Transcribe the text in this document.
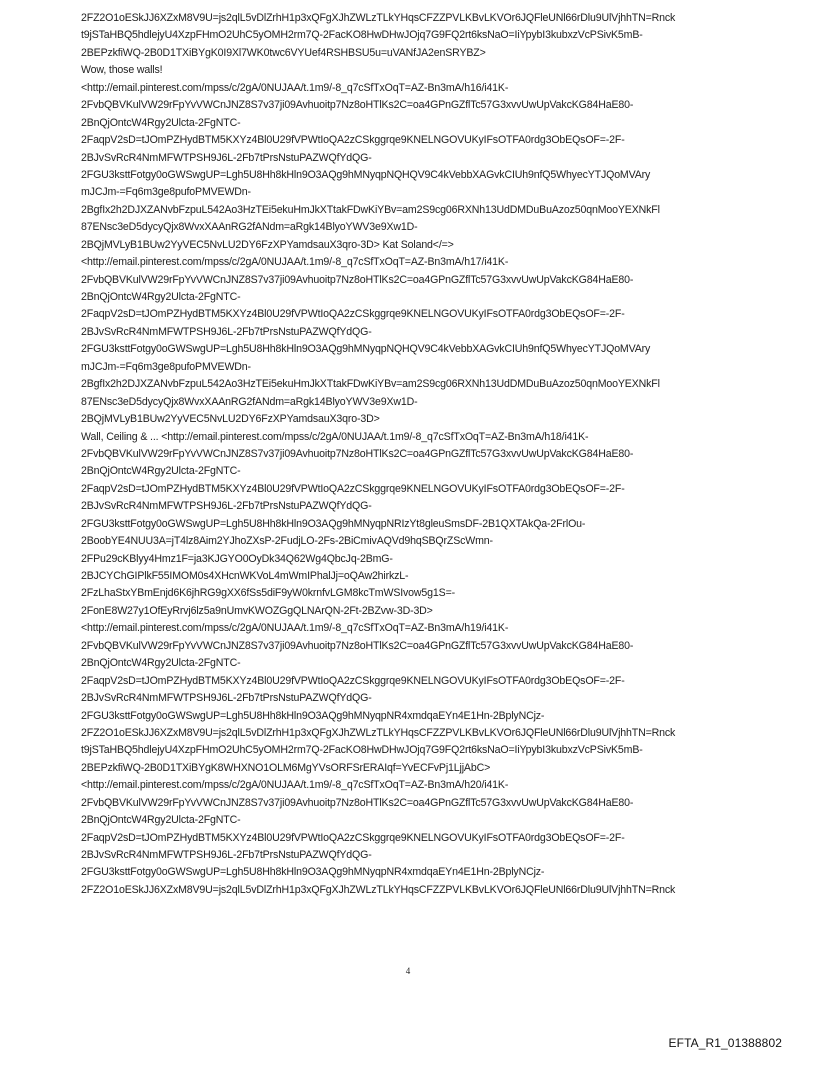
2FZ2O1oESkJJ6XZxM8V9U=js2qlL5vDlZrhH1p3xQFgXJhZWLzTLkYHqsCFZZPVLKBvLKVOr6JQFleUNl66rDlu9UlVjhhTN=Rnck
t9jSTaHBQ5hdlejyU4XzpFHmO2UhC5yOMH2rm7Q-2FacKO8HwDHwJOjq7G9FQ2rt6ksNaO=IiYpybI3kubxzVcPSivK5mB-
2BEPzkfiWQ-2B0D1TXiBYgK0I9Xl7WK0twc6VYUef4RSHBSU5u=uVANfJA2enSRYBZ>
Wow, those walls!
<http://email.pinterest.com/mpss/c/2gA/0NUJAA/t.1m9/-8_q7cSfTxOqT=AZ-Bn3mA/h16/i41K-
2FvbQBVKulVW29rFpYvVWCnJNZ8S7v37ji09Avhuoitp7Nz8oHTlKs2C=oa4GPnGZflTc57G3xvvUwUpVakcKG84HaE80-
2BnQjOntcW4Rgy2Ulcta-2FgNTC-
2FaqpV2sD=tJOmPZHydBTM5KXYz4Bl0U29fVPWtIoQA2zCSkggrqe9KNELNGOVUKyIFsOTFA0rdg3ObEQsOF=-2F-
2BJvSvRcR4NmMFWTPSH9J6L-2Fb7tPrsNstuPAZWQfYdQG-
2FGU3ksttFotgy0oGWSwgUP=Lgh5U8Hh8kHln9O3AQg9hMNyqpNQHQV9C4kVebbXAGvkCIUh9nfQ5WhyecYTJQoMVAry
mJCJm-=Fq6m3ge8pufoPMVEWDn-
2BgfIx2h2DJXZANvbFzpuL542Ao3HzTEi5ekuHmJkXTtakFDwKiYBv=am2S9cg06RXNh13UdDMDuBuAzoz50qnMooYEXNkFl
87ENsc3eD5dycyQjx8WvxXAAnRG2fANdm=aRgk14BlyoYWV3e9Xw1D-
2BQjMVLyB1BUw2YyVEC5NvLU2DY6FzXPYamdsauX3qro-3D> Kat Soland</=>
<http://email.pinterest.com/mpss/c/2gA/0NUJAA/t.1m9/-8_q7cSfTxOqT=AZ-Bn3mA/h17/i41K-
2FvbQBVKulVW29rFpYvVWCnJNZ8S7v37ji09Avhuoitp7Nz8oHTlKs2C=oa4GPnGZflTc57G3xvvUwUpVakcKG84HaE80-
2BnQjOntcW4Rgy2Ulcta-2FgNTC-
2FaqpV2sD=tJOmPZHydBTM5KXYz4Bl0U29fVPWtIoQA2zCSkggrqe9KNELNGOVUKyIFsOTFA0rdg3ObEQsOF=-2F-
2BJvSvRcR4NmMFWTPSH9J6L-2Fb7tPrsNstuPAZWQfYdQG-
2FGU3ksttFotgy0oGWSwgUP=Lgh5U8Hh8kHln9O3AQg9hMNyqpNQHQV9C4kVebbXAGvkCIUh9nfQ5WhyecYTJQoMVAry
mJCJm-=Fq6m3ge8pufoPMVEWDn-
2BgfIx2h2DJXZANvbFzpuL542Ao3HzTEi5ekuHmJkXTtakFDwKiYBv=am2S9cg06RXNh13UdDMDuBuAzoz50qnMooYEXNkFl
87ENsc3eD5dycyQjx8WvxXAAnRG2fANdm=aRgk14BlyoYWV3e9Xw1D-
2BQjMVLyB1BUw2YyVEC5NvLU2DY6FzXPYamdsauX3qro-3D>
Wall, Ceiling & ... <http://email.pinterest.com/mpss/c/2gA/0NUJAA/t.1m9/-8_q7cSfTxOqT=AZ-Bn3mA/h18/i41K-
2FvbQBVKulVW29rFpYvVWCnJNZ8S7v37ji09Avhuoitp7Nz8oHTlKs2C=oa4GPnGZflTc57G3xvvUwUpVakcKG84HaE80-
2BnQjOntcW4Rgy2Ulcta-2FgNTC-
2FaqpV2sD=tJOmPZHydBTM5KXYz4Bl0U29fVPWtIoQA2zCSkggrqe9KNELNGOVUKyIFsOTFA0rdg3ObEQsOF=-2F-
2BJvSvRcR4NmMFWTPSH9J6L-2Fb7tPrsNstuPAZWQfYdQG-
2FGU3ksttFotgy0oGWSwgUP=Lgh5U8Hh8kHln9O3AQg9hMNyqpNRIzYt8gleuSmsDF-2B1QXTAkQa-2FrlOu-
2BoobYE4NUU3A=jT4lz8Aim2YJhoZXsP-2FudjLO-2Fs-2BiCmivAQVd9hqSBQrZScWmn-
2FPu29cKBlyy4Hmz1F=ja3KJGYO0OyDk34Q62Wg4QbcJq-2BmG-
2BJCYChGIPlkF55IMOM0s4XHcnWKVoL4mWmIPhalJj=oQAw2hirkzL-
2FzLhaStxYBmEnjd6K6jhRG9gXX6fSs5diF9yW0krnfvLGM8kcTmWSIvow5g1S=-
2FonE8W27y1OfEyRrvj6lz5a9nUmvKWOZGgQLNArQN-2Ft-2BZvw-3D-3D>
<http://email.pinterest.com/mpss/c/2gA/0NUJAA/t.1m9/-8_q7cSfTxOqT=AZ-Bn3mA/h19/i41K-
2FvbQBVKulVW29rFpYvVWCnJNZ8S7v37ji09Avhuoitp7Nz8oHTlKs2C=oa4GPnGZflTc57G3xvvUwUpVakcKG84HaE80-
2BnQjOntcW4Rgy2Ulcta-2FgNTC-
2FaqpV2sD=tJOmPZHydBTM5KXYz4Bl0U29fVPWtIoQA2zCSkggrqe9KNELNGOVUKyIFsOTFA0rdg3ObEQsOF=-2F-
2BJvSvRcR4NmMFWTPSH9J6L-2Fb7tPrsNstuPAZWQfYdQG-
2FGU3ksttFotgy0oGWSwgUP=Lgh5U8Hh8kHln9O3AQg9hMNyqpNR4xmdqaEYn4E1Hn-2BplyNCjz-
2FZ2O1oESkJJ6XZxM8V9U=js2qlL5vDlZrhH1p3xQFgXJhZWLzTLkYHqsCFZZPVLKBvLKVOr6JQFleUNl66rDlu9UlVjhhTN=Rnck
t9jSTaHBQ5hdlejyU4XzpFHmO2UhC5yOMH2rm7Q-2FacKO8HwDHwJOjq7G9FQ2rt6ksNaO=IiYpybI3kubxzVcPSivK5mB-
2BEPzkfiWQ-2B0D1TXiBYgK8WHXNO1OLM6MgYVsORFSrERAIqf=YvECFvPj1LjjAbC>
<http://email.pinterest.com/mpss/c/2gA/0NUJAA/t.1m9/-8_q7cSfTxOqT=AZ-Bn3mA/h20/i41K-
2FvbQBVKulVW29rFpYvVWCnJNZ8S7v37ji09Avhuoitp7Nz8oHTlKs2C=oa4GPnGZflTc57G3xvvUwUpVakcKG84HaE80-
2BnQjOntcW4Rgy2Ulcta-2FgNTC-
2FaqpV2sD=tJOmPZHydBTM5KXYz4Bl0U29fVPWtIoQA2zCSkggrqe9KNELNGOVUKyIFsOTFA0rdg3ObEQsOF=-2F-
2BJvSvRcR4NmMFWTPSH9J6L-2Fb7tPrsNstuPAZWQfYdQG-
2FGU3ksttFotgy0oGWSwgUP=Lgh5U8Hh8kHln9O3AQg9hMNyqpNR4xmdqaEYn4E1Hn-2BplyNCjz-
2FZ2O1oESkJJ6XZxM8V9U=js2qlL5vDlZrhH1p3xQFgXJhZWLzTLkYHqsCFZZPVLKBvLKVOr6JQFleUNl66rDlu9UlVjhhTN=Rnck
4
EFTA_R1_01388802
